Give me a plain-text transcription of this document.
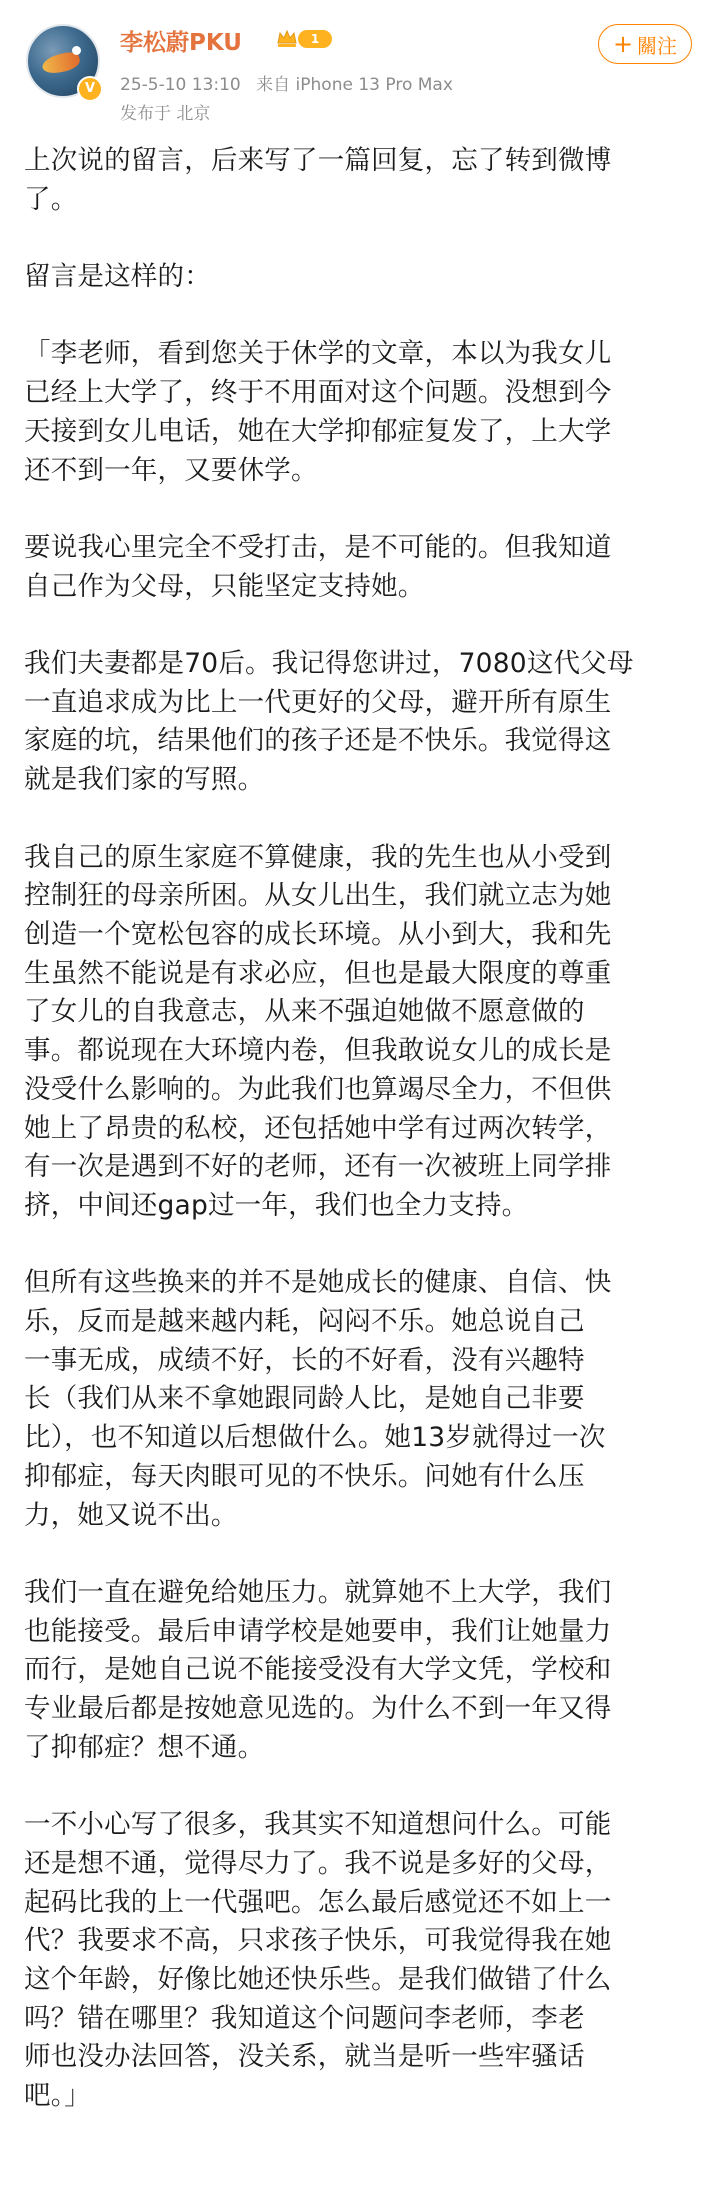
V
李松蔚PKU	1
25-5-10 13:10 来自 iPhone 13 Pro Max
发布于 北京
+ 關注

上次说的留言，后来写了一篇回复，忘了转到微博
了。

留言是这样的：

「李老师，看到您关于休学的文章，本以为我女儿
已经上大学了，终于不用面对这个问题。没想到今
天接到女儿电话，她在大学抑郁症复发了，上大学
还不到一年，又要休学。

要说我心里完全不受打击，是不可能的。但我知道
自己作为父母，只能坚定支持她。

我们夫妻都是70后。我记得您讲过，7080这代父母
一直追求成为比上一代更好的父母，避开所有原生
家庭的坑，结果他们的孩子还是不快乐。我觉得这
就是我们家的写照。

我自己的原生家庭不算健康，我的先生也从小受到
控制狂的母亲所困。从女儿出生，我们就立志为她
创造一个宽松包容的成长环境。从小到大，我和先
生虽然不能说是有求必应，但也是最大限度的尊重
了女儿的自我意志，从来不强迫她做不愿意做的
事。都说现在大环境内卷，但我敢说女儿的成长是
没受什么影响的。为此我们也算竭尽全力，不但供
她上了昂贵的私校，还包括她中学有过两次转学，
有一次是遇到不好的老师，还有一次被班上同学排
挤，中间还gap过一年，我们也全力支持。

但所有这些换来的并不是她成长的健康、自信、快
乐，反而是越来越内耗，闷闷不乐。她总说自己
一事无成，成绩不好，长的不好看，没有兴趣特
长（我们从来不拿她跟同龄人比，是她自己非要
比），也不知道以后想做什么。她13岁就得过一次
抑郁症，每天肉眼可见的不快乐。问她有什么压
力，她又说不出。

我们一直在避免给她压力。就算她不上大学，我们
也能接受。最后申请学校是她要申，我们让她量力
而行，是她自己说不能接受没有大学文凭，学校和
专业最后都是按她意见选的。为什么不到一年又得
了抑郁症？想不通。

一不小心写了很多，我其实不知道想问什么。可能
还是想不通，觉得尽力了。我不说是多好的父母，
起码比我的上一代强吧。怎么最后感觉还不如上一
代？我要求不高，只求孩子快乐，可我觉得我在她
这个年龄，好像比她还快乐些。是我们做错了什么
吗？错在哪里？我知道这个问题问李老师，李老
师也没办法回答，没关系，就当是听一些牢骚话
吧。」
